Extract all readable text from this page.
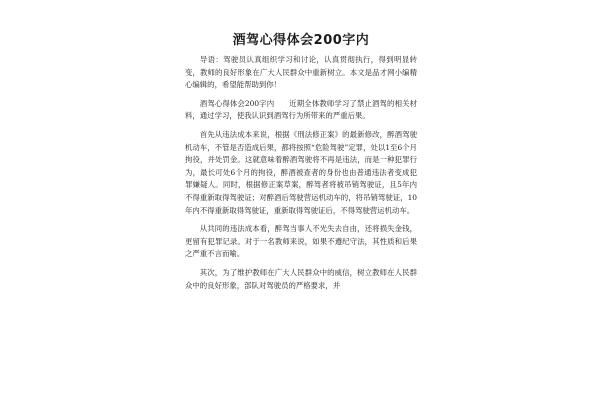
酒驾心得体会200字内

导语：驾驶员认真组织学习和讨论，认真贯彻执行，得到明显转变，教师的良好形象在广大人民群众中重新树立。本文是品才网小编精心编辑的，希望能帮助到你！

酒驾心得体会200字内　　近期全体教师学习了禁止酒驾的相关材料，通过学习，使我认识到酒驾行为所带来的严重后果。

首先从违法成本来说，根据《刑法修正案》的最新修改，醉酒驾驶机动车，不管是否造成后果，都将按照“危险驾驶”定罪，处以1至6个月拘役，并处罚金。这就意味着醉酒驾驶将不再是违法，而是一种犯罪行为，最长可处6个月的拘役，醉酒被查者的身份也由普通违法者变成犯罪嫌疑人。同时，根据修正案草案，醉驾者将被吊销驾驶证，且5年内不得重新取得驾驶证；对醉酒后驾驶营运机动车的，将吊销驾驶证，10年内不得重新取得驾驶证，重新取得驾驶证后，不得驾驶营运机动车。

从共同的违法成本看，醉驾当事人不光失去自由，还将损失金钱，更留有犯罪记录。对于一名教师来说，如果不遵纪守法，其性质和后果之严重不言而喻。

其次，为了维护教师在广大人民群众中的威信，树立教师在人民群众中的良好形象，部队对驾驶员的严格要求，并
